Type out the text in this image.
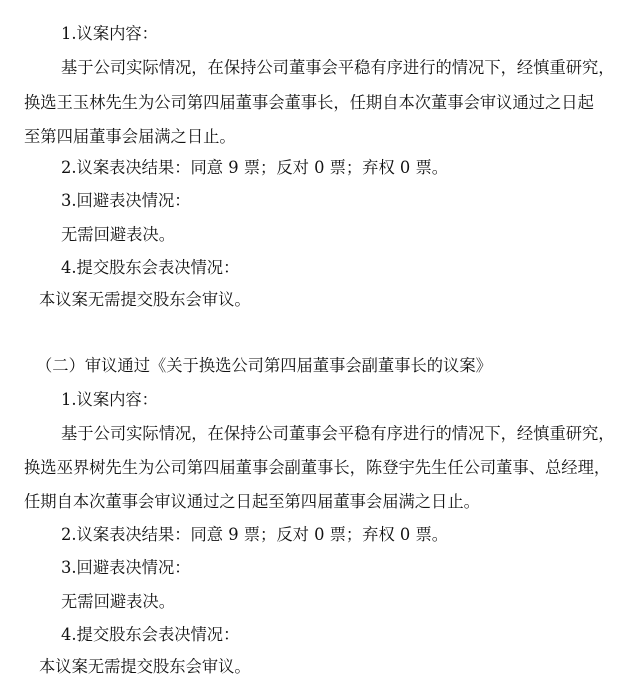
1.议案内容：
基于公司实际情况，在保持公司董事会平稳有序进行的情况下，经慎重研究，
换选王玉林先生为公司第四届董事会董事长，任期自本次董事会审议通过之日起
至第四届董事会届满之日止。
2.议案表决结果：同意 9 票；反对 0 票；弃权 0 票。
3.回避表决情况：
无需回避表决。
4.提交股东会表决情况：
本议案无需提交股东会审议。
（二）审议通过《关于换选公司第四届董事会副董事长的议案》
1.议案内容：
基于公司实际情况，在保持公司董事会平稳有序进行的情况下，经慎重研究，
换选巫界树先生为公司第四届董事会副董事长，陈登宇先生任公司董事、总经理，
任期自本次董事会审议通过之日起至第四届董事会届满之日止。
2.议案表决结果：同意 9 票；反对 0 票；弃权 0 票。
3.回避表决情况：
无需回避表决。
4.提交股东会表决情况：
本议案无需提交股东会审议。
